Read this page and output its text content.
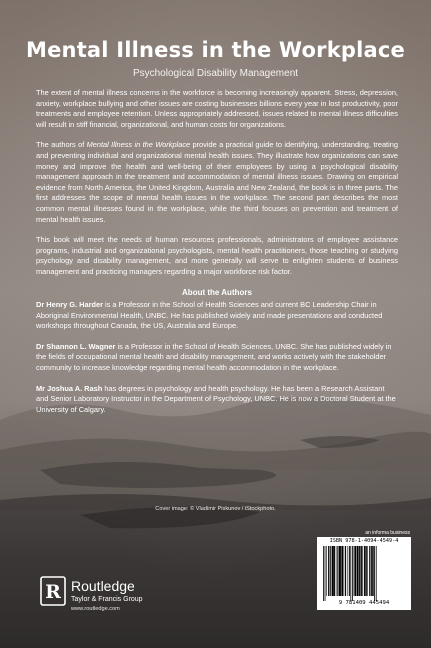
Mental Illness in the Workplace
Psychological Disability Management

The extent of mental illness concerns in the workforce is becoming increasingly apparent. Stress, depression, anxiety, workplace bullying and other issues are costing businesses billions every year in lost productivity, poor treatments and employee retention. Unless appropriately addressed, issues related to mental illness difficulties will result in stiff financial, organizational, and human costs for organizations.

The authors of Mental Illness in the Workplace provide a practical guide to identifying, understanding, treating and preventing individual and organizational mental health issues. They illustrate how organizations can save money and improve the health and well-being of their employees by using a psychological disability management approach in the treatment and accommodation of mental illness issues. Drawing on empirical evidence from North America, the United Kingdom, Australia and New Zealand, the book is in three parts. The first addresses the scope of mental health issues in the workplace. The second part describes the most common mental illnesses found in the workplace, while the third focuses on prevention and treatment of mental health issues.

This book will meet the needs of human resources professionals, administrators of employee assistance programs, industrial and organizational psychologists, mental health practitioners, those teaching or studying psychology and disability management, and more generally will serve to enlighten students of business management and practicing managers regarding a major workforce risk factor.

About the Authors

Dr Henry G. Harder is a Professor in the School of Health Sciences and current BC Leadership Chair in Aboriginal Environmental Health, UNBC. He has published widely and made presentations and conducted workshops throughout Canada, the US, Australia and Europe.

Dr Shannon L. Wagner is a Professor in the School of Health Sciences, UNBC. She has published widely in the fields of occupational mental health and disability management, and works actively with the stakeholder community to increase knowledge regarding mental health accommodation in the workplace.

Mr Joshua A. Rash has degrees in psychology and health psychology. He has been a Research Assistant and Senior Laboratory Instructor in the Department of Psychology, UNBC. He is now a Doctoral Student at the University of Calgary.

Cover image: © Vladimir Piskunov / iStockphoto.
an informa business
ISBN 978-1-4094-4549-4
9 781409 445494
R Routledge
Taylor & Francis Group
www.routledge.com
